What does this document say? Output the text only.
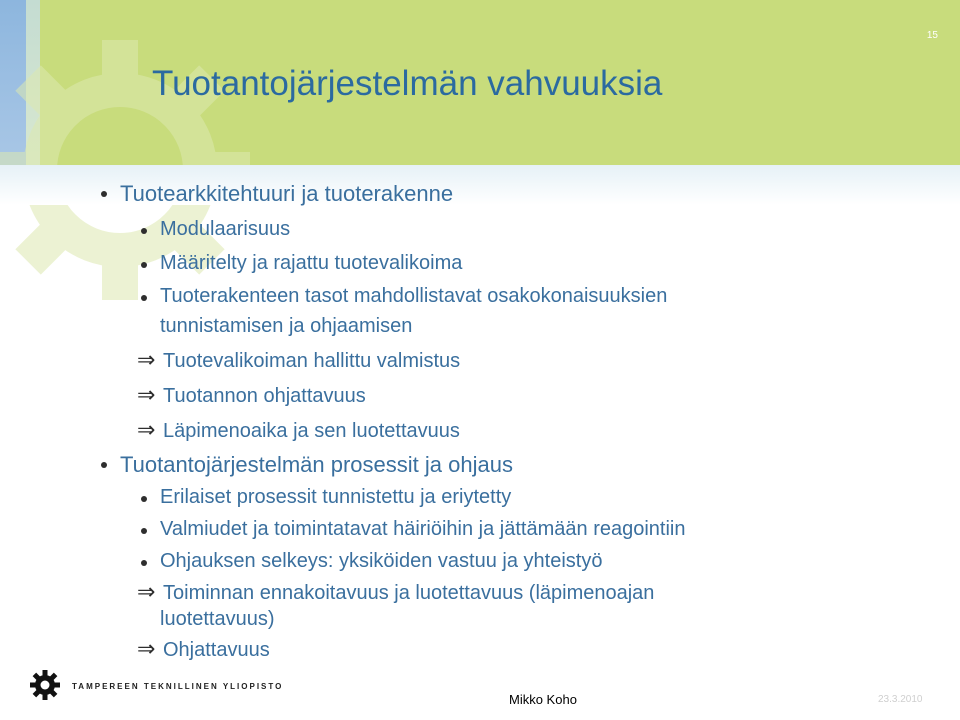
15
Tuotantojärjestelmän vahvuuksia
Tuotearkkitehtuuri ja tuoterakenne
Modulaarisuus
Määritelty ja rajattu tuotevalikoima
Tuoterakenteen tasot mahdollistavat osakokonaisuuksien
tunnistamisen ja ohjaamisen
⇒ Tuotevalikoiman hallittu valmistus
⇒ Tuotannon ohjattavuus
⇒ Läpimenoaika ja sen luotettavuus
Tuotantojärjestelmän prosessit ja ohjaus
Erilaiset prosessit tunnistettu ja eriytetty
Valmiudet ja toimintatavat häiriöihin ja jättämään reagointiin
Ohjauksen selkeys: yksiköiden vastuu ja yhteistyö
⇒ Toiminnan ennakoitavuus ja luotettavuus (läpimenoajan
luotettavuus)
⇒ Ohjattavuus
TAMPEREEN TEKNILLINEN YLIOPISTO
Mikko Koho	23.3.2010
